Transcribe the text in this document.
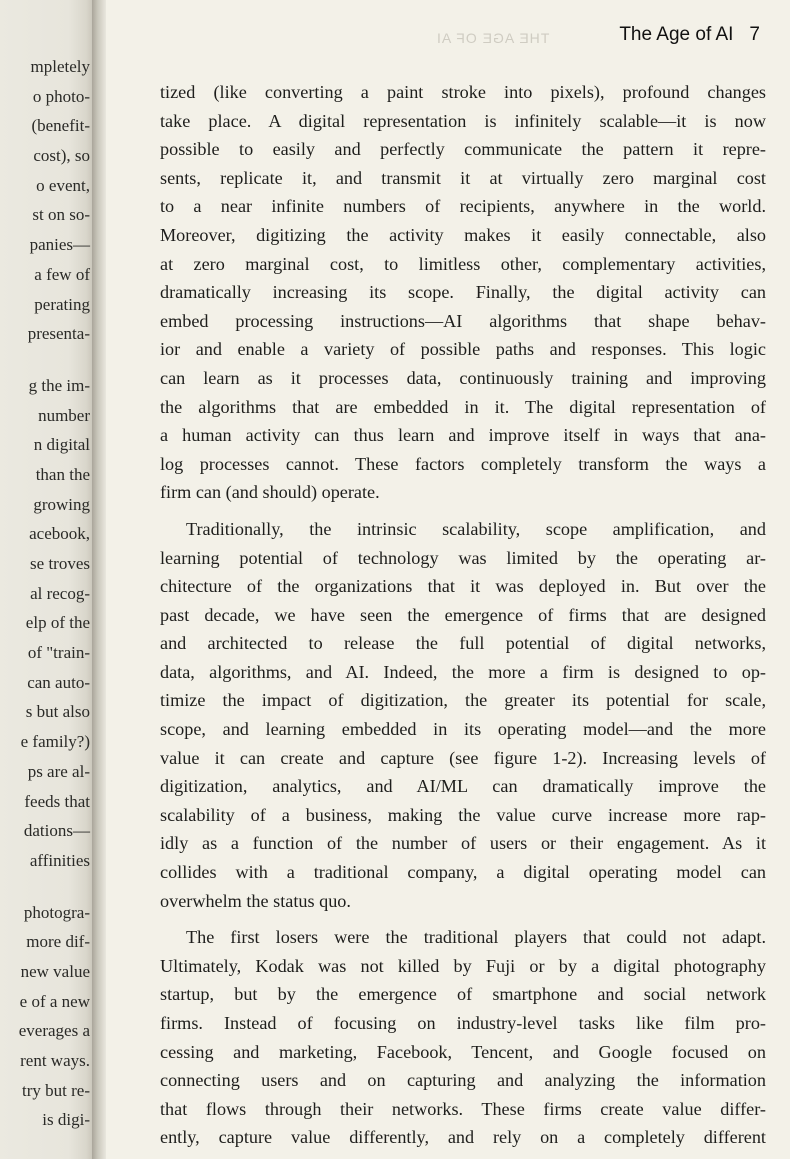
mpletely
o photo-
(benefit-
cost), so
o event,
st on so-
panies—
a few of
perating
presenta-
g the im-
number
n digital
than the
growing
acebook,
se troves
al recog-
elp of the
of "train-
can auto-
s but also
e family?)
ps are al-
feeds that
dations—
affinities
photogra-
more dif-
new value
e of a new
everages a
rent ways.
try but re-
is digi-
THE AGE OF AI	The Age of AI 7
tized (like converting a paint stroke into pixels), profound changes
take place. A digital representation is infinitely scalable—it is now
possible to easily and perfectly communicate the pattern it repre-
sents, replicate it, and transmit it at virtually zero marginal cost
to a near infinite numbers of recipients, anywhere in the world.
Moreover, digitizing the activity makes it easily connectable, also
at zero marginal cost, to limitless other, complementary activities,
dramatically increasing its scope. Finally, the digital activity can
embed processing instructions—AI algorithms that shape behav-
ior and enable a variety of possible paths and responses. This logic
can learn as it processes data, continuously training and improving
the algorithms that are embedded in it. The digital representation of
a human activity can thus learn and improve itself in ways that ana-
log processes cannot. These factors completely transform the ways a
firm can (and should) operate.
Traditionally, the intrinsic scalability, scope amplification, and
learning potential of technology was limited by the operating ar-
chitecture of the organizations that it was deployed in. But over the
past decade, we have seen the emergence of firms that are designed
and architected to release the full potential of digital networks,
data, algorithms, and AI. Indeed, the more a firm is designed to op-
timize the impact of digitization, the greater its potential for scale,
scope, and learning embedded in its operating model—and the more
value it can create and capture (see figure 1-2). Increasing levels of
digitization, analytics, and AI/ML can dramatically improve the
scalability of a business, making the value curve increase more rap-
idly as a function of the number of users or their engagement. As it
collides with a traditional company, a digital operating model can
overwhelm the status quo.
The first losers were the traditional players that could not adapt.
Ultimately, Kodak was not killed by Fuji or by a digital photography
startup, but by the emergence of smartphone and social network
firms. Instead of focusing on industry-level tasks like film pro-
cessing and marketing, Facebook, Tencent, and Google focused on
connecting users and on capturing and analyzing the information
that flows through their networks. These firms create value differ-
ently, capture value differently, and rely on a completely different
